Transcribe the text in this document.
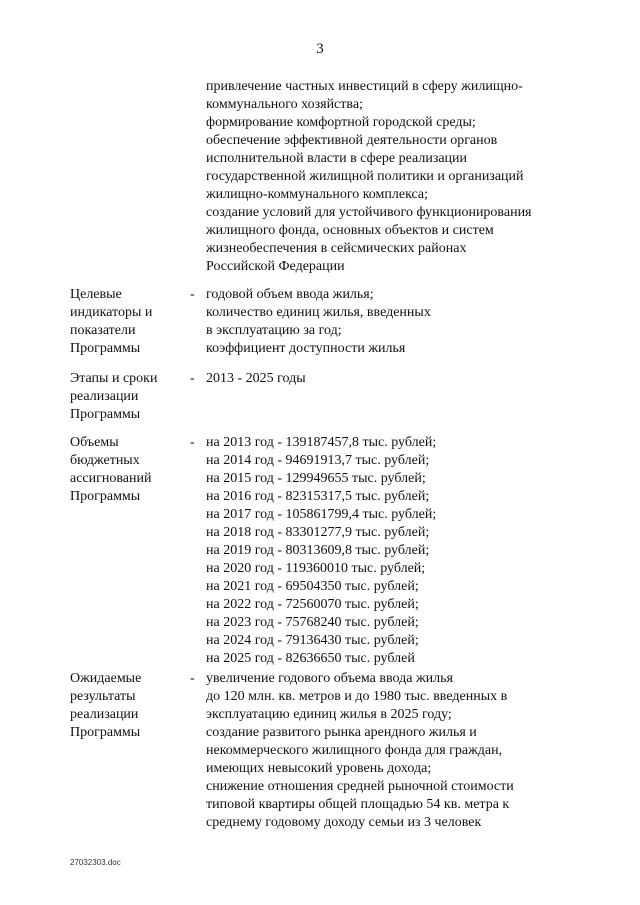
3
привлечение частных инвестиций в сферу жилищно-
коммунального хозяйства;
формирование комфортной городской среды;
обеспечение эффективной деятельности органов
исполнительной власти в сфере реализации
государственной жилищной политики и организаций
жилищно-коммунального комплекса;
создание условий для устойчивого функционирования
жилищного фонда, основных объектов и систем
жизнеобеспечения в сейсмических районах
Российской Федерации
Целевые
индикаторы и
показатели
Программы
- годовой объем ввода жилья;
количество единиц жилья, введенных
в эксплуатацию за год;
коэффициент доступности жилья
Этапы и сроки
реализации
Программы
- 2013 - 2025 годы
Объемы
бюджетных
ассигнований
Программы
- на 2013 год - 139187457,8 тыс. рублей;
на 2014 год - 94691913,7 тыс. рублей;
на 2015 год - 129949655 тыс. рублей;
на 2016 год - 82315317,5 тыс. рублей;
на 2017 год - 105861799,4 тыс. рублей;
на 2018 год - 83301277,9 тыс. рублей;
на 2019 год - 80313609,8 тыс. рублей;
на 2020 год - 119360010 тыс. рублей;
на 2021 год - 69504350 тыс. рублей;
на 2022 год - 72560070 тыс. рублей;
на 2023 год - 75768240 тыс. рублей;
на 2024 год - 79136430 тыс. рублей;
на 2025 год - 82636650 тыс. рублей
Ожидаемые
результаты
реализации
Программы
- увеличение годового объема ввода жилья
до 120 млн. кв. метров и до 1980 тыс. введенных в
эксплуатацию единиц жилья в 2025 году;
создание развитого рынка арендного жилья и
некоммерческого жилищного фонда для граждан,
имеющих невысокий уровень дохода;
снижение отношения средней рыночной стоимости
типовой квартиры общей площадью 54 кв. метра к
среднему годовому доходу семьи из 3 человек
27032303.doc
